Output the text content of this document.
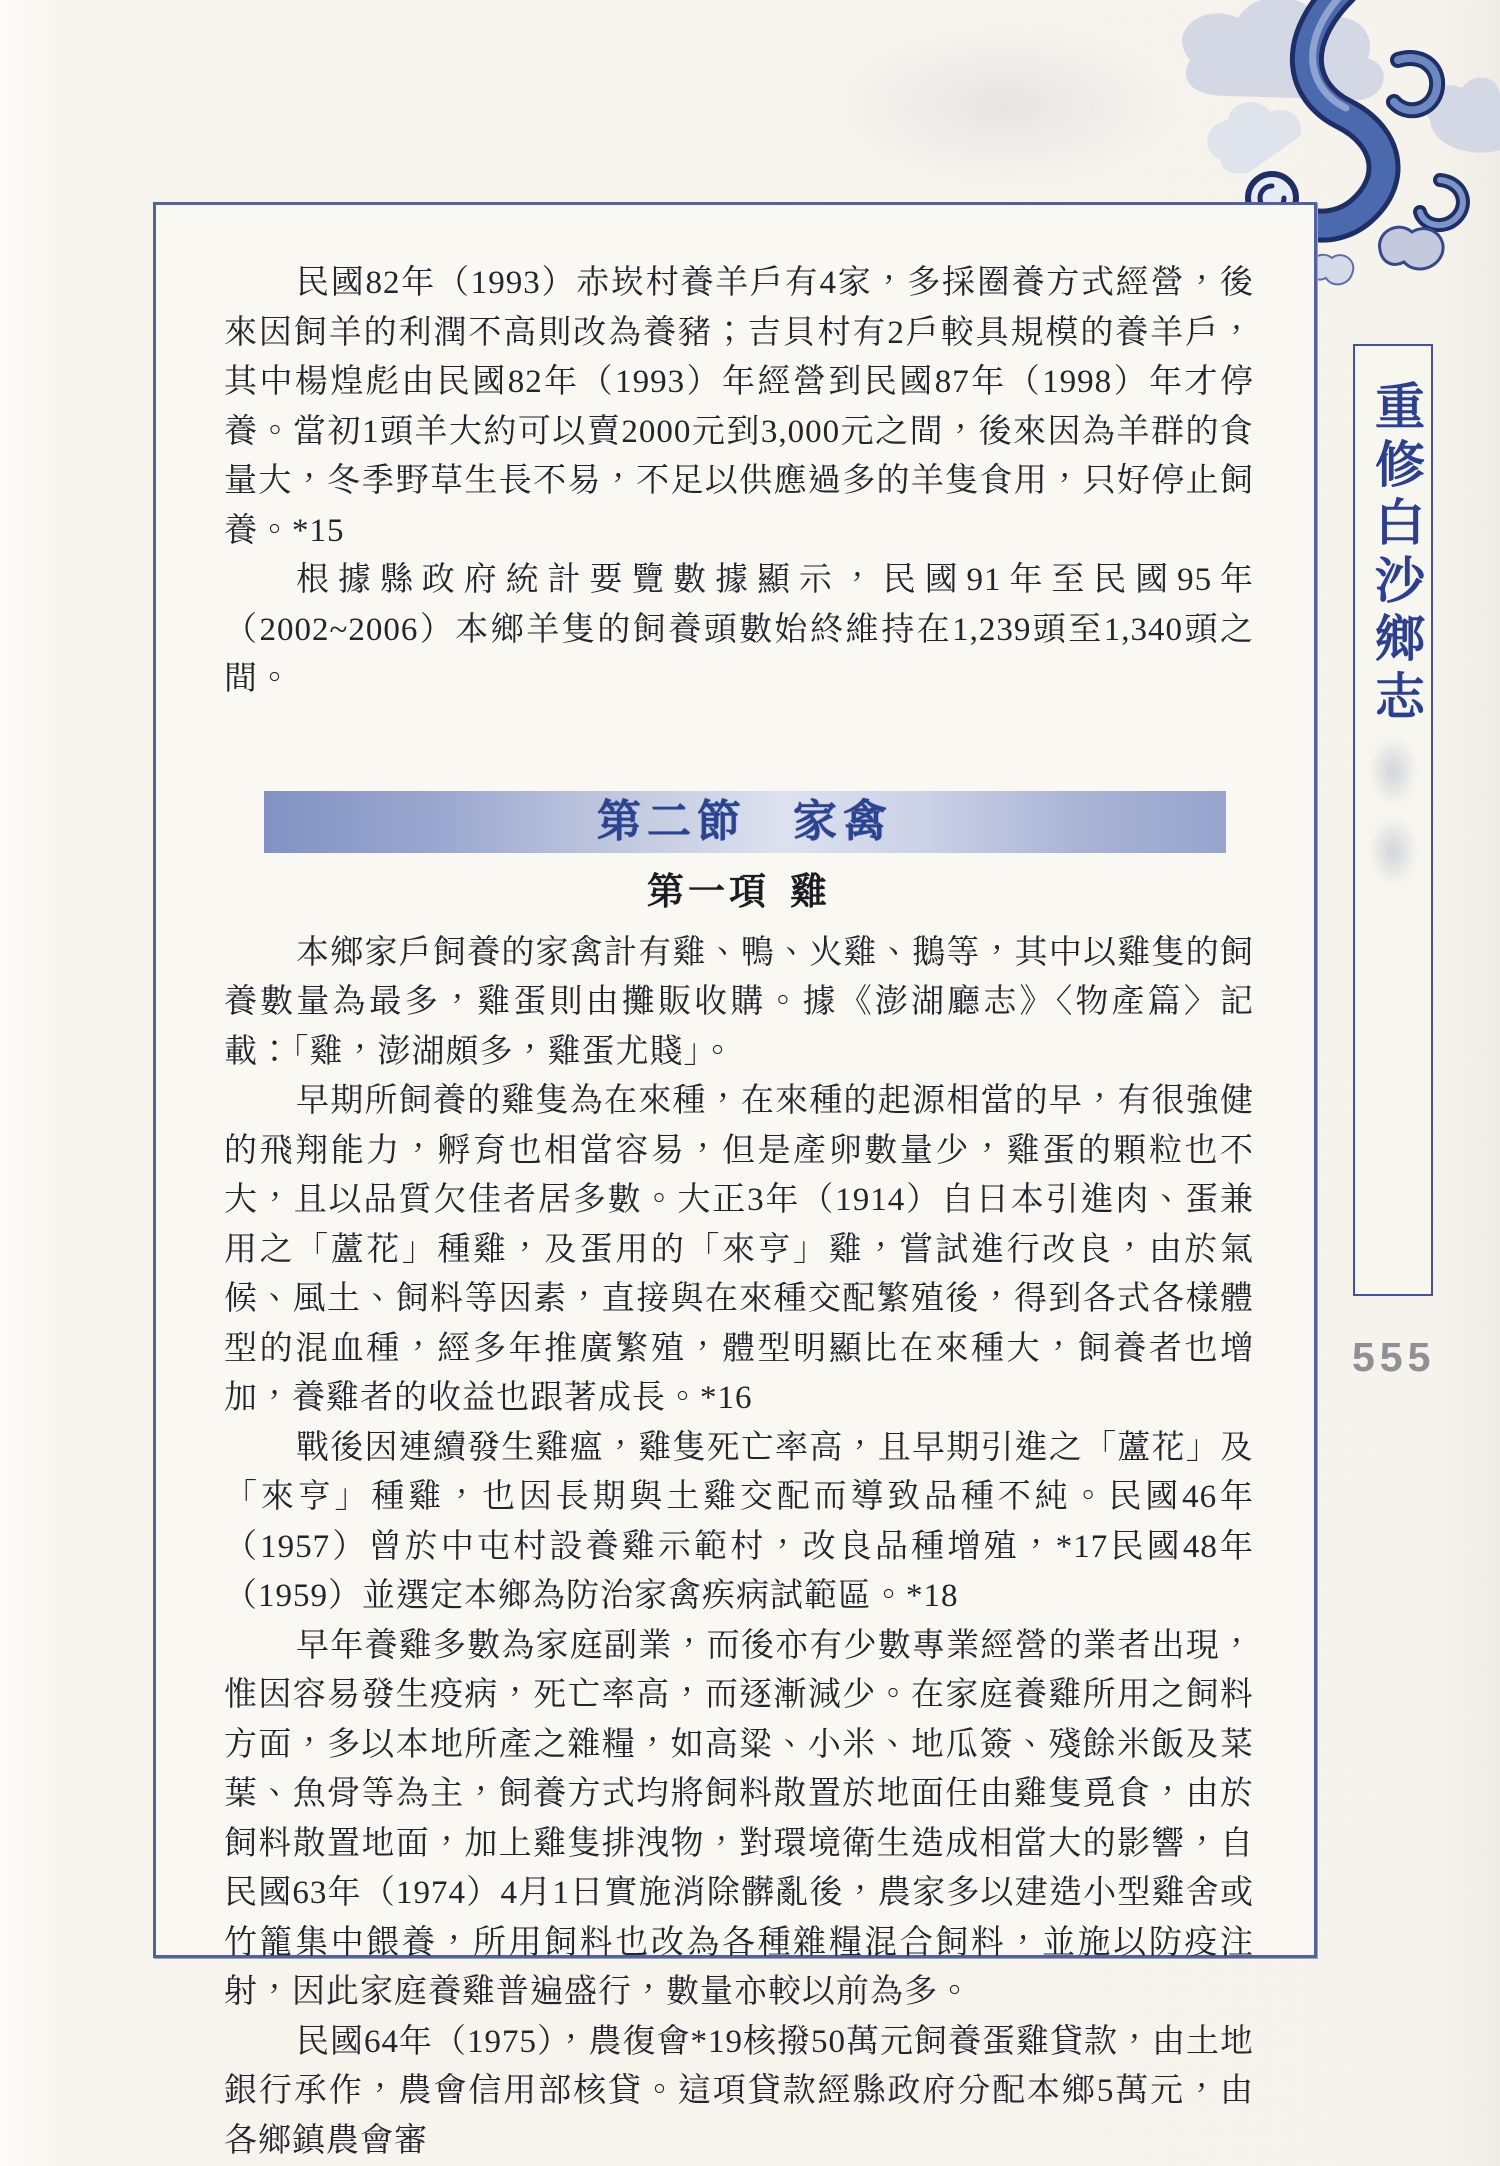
民國82年（1993）赤崁村養羊戶有4家，多採圈養方式經營，後來因飼羊的利潤不高則改為養豬；吉貝村有2戶較具規模的養羊戶，其中楊煌彪由民國82年（1993）年經營到民國87年（1998）年才停養。當初1頭羊大約可以賣2000元到3,000元之間，後來因為羊群的食量大，冬季野草生長不易，不足以供應過多的羊隻食用，只好停止飼養。*15

根據縣政府統計要覽數據顯示，民國91年至民國95年（2002~2006）本鄉羊隻的飼養頭數始終維持在1,239頭至1,340頭之間。

第二節 家禽
第一項 雞

本鄉家戶飼養的家禽計有雞、鴨、火雞、鵝等，其中以雞隻的飼養數量為最多，雞蛋則由攤販收購。據《澎湖廳志》〈物產篇〉記載：「雞，澎湖頗多，雞蛋尤賤」。

早期所飼養的雞隻為在來種，在來種的起源相當的早，有很強健的飛翔能力，孵育也相當容易，但是產卵數量少，雞蛋的顆粒也不大，且以品質欠佳者居多數。大正3年（1914）自日本引進肉、蛋兼用之「蘆花」種雞，及蛋用的「來亨」雞，嘗試進行改良，由於氣候、風土、飼料等因素，直接與在來種交配繁殖後，得到各式各樣體型的混血種，經多年推廣繁殖，體型明顯比在來種大，飼養者也增加，養雞者的收益也跟著成長。*16

戰後因連續發生雞瘟，雞隻死亡率高，且早期引進之「蘆花」及「來亨」種雞，也因長期與土雞交配而導致品種不純。民國46年（1957）曾於中屯村設養雞示範村，改良品種增殖，*17民國48年（1959）並選定本鄉為防治家禽疾病試範區。*18

早年養雞多數為家庭副業，而後亦有少數專業經營的業者出現，惟因容易發生疫病，死亡率高，而逐漸減少。在家庭養雞所用之飼料方面，多以本地所產之雜糧，如高粱、小米、地瓜簽、殘餘米飯及菜葉、魚骨等為主，飼養方式均將飼料散置於地面任由雞隻覓食，由於飼料散置地面，加上雞隻排洩物，對環境衛生造成相當大的影響，自民國63年（1974）4月1日實施消除髒亂後，農家多以建造小型雞舍或竹籠集中餵養，所用飼料也改為各種雜糧混合飼料，並施以防疫注射，因此家庭養雞普遍盛行，數量亦較以前為多。

民國64年（1975），農復會*19核撥50萬元飼養蛋雞貸款，由土地銀行承作，農會信用部核貸。這項貸款經縣政府分配本鄉5萬元，由各鄉鎮農會審

重修白沙鄉志
555
